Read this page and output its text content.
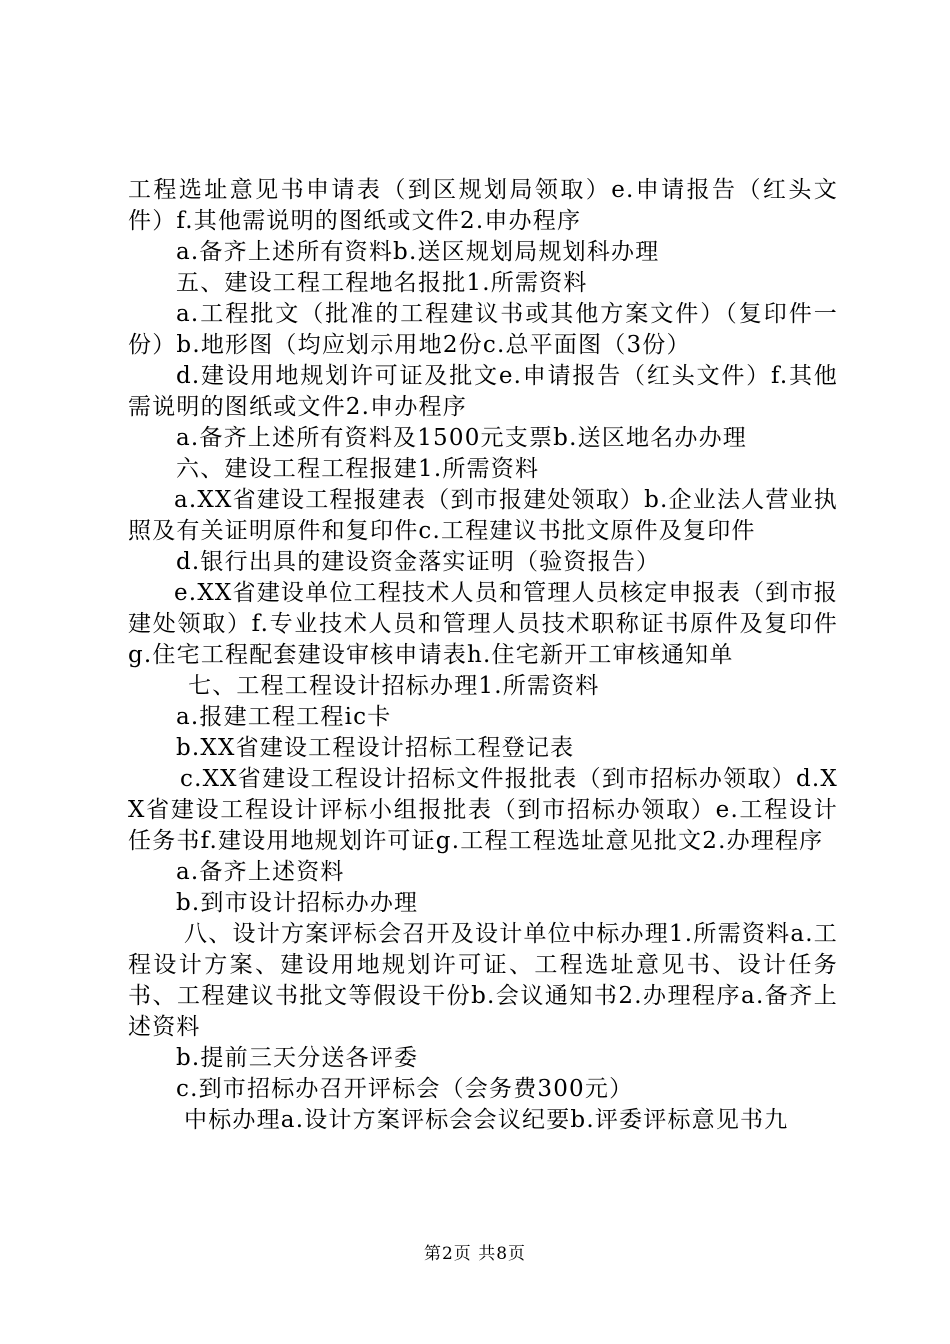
工程选址意见书申请表（到区规划局领取）e.申请报告（红头文件）f.其他需说明的图纸或文件2.申办程序

a.备齐上述所有资料b.送区规划局规划科办理

五、建设工程工程地名报批1.所需资料

a.工程批文（批准的工程建议书或其他方案文件）（复印件一份）b.地形图（均应划示用地2份c.总平面图（3份）

d.建设用地规划许可证及批文e.申请报告（红头文件）f.其他需说明的图纸或文件2.申办程序

a.备齐上述所有资料及1500元支票b.送区地名办办理

六、建设工程工程报建1.所需资料

a.XX省建设工程报建表（到市报建处领取）b.企业法人营业执照及有关证明原件和复印件c.工程建议书批文原件及复印件

d.银行出具的建设资金落实证明（验资报告）

e.XX省建设单位工程技术人员和管理人员核定申报表（到市报建处领取）f.专业技术人员和管理人员技术职称证书原件及复印件g.住宅工程配套建设审核申请表h.住宅新开工审核通知单

七、工程工程设计招标办理1.所需资料

a.报建工程工程ic卡

b.XX省建设工程设计招标工程登记表

c.XX省建设工程设计招标文件报批表（到市招标办领取）d.XX省建设工程设计评标小组报批表（到市招标办领取）e.工程设计任务书f.建设用地规划许可证g.工程工程选址意见批文2.办理程序

a.备齐上述资料

b.到市设计招标办办理

八、设计方案评标会召开及设计单位中标办理1.所需资料a.工程设计方案、建设用地规划许可证、工程选址意见书、设计任务书、工程建议书批文等假设干份b.会议通知书2.办理程序a.备齐上述资料

b.提前三天分送各评委

c.到市招标办召开评标会（会务费300元）

中标办理a.设计方案评标会会议纪要b.评委评标意见书九

第2页 共8页
